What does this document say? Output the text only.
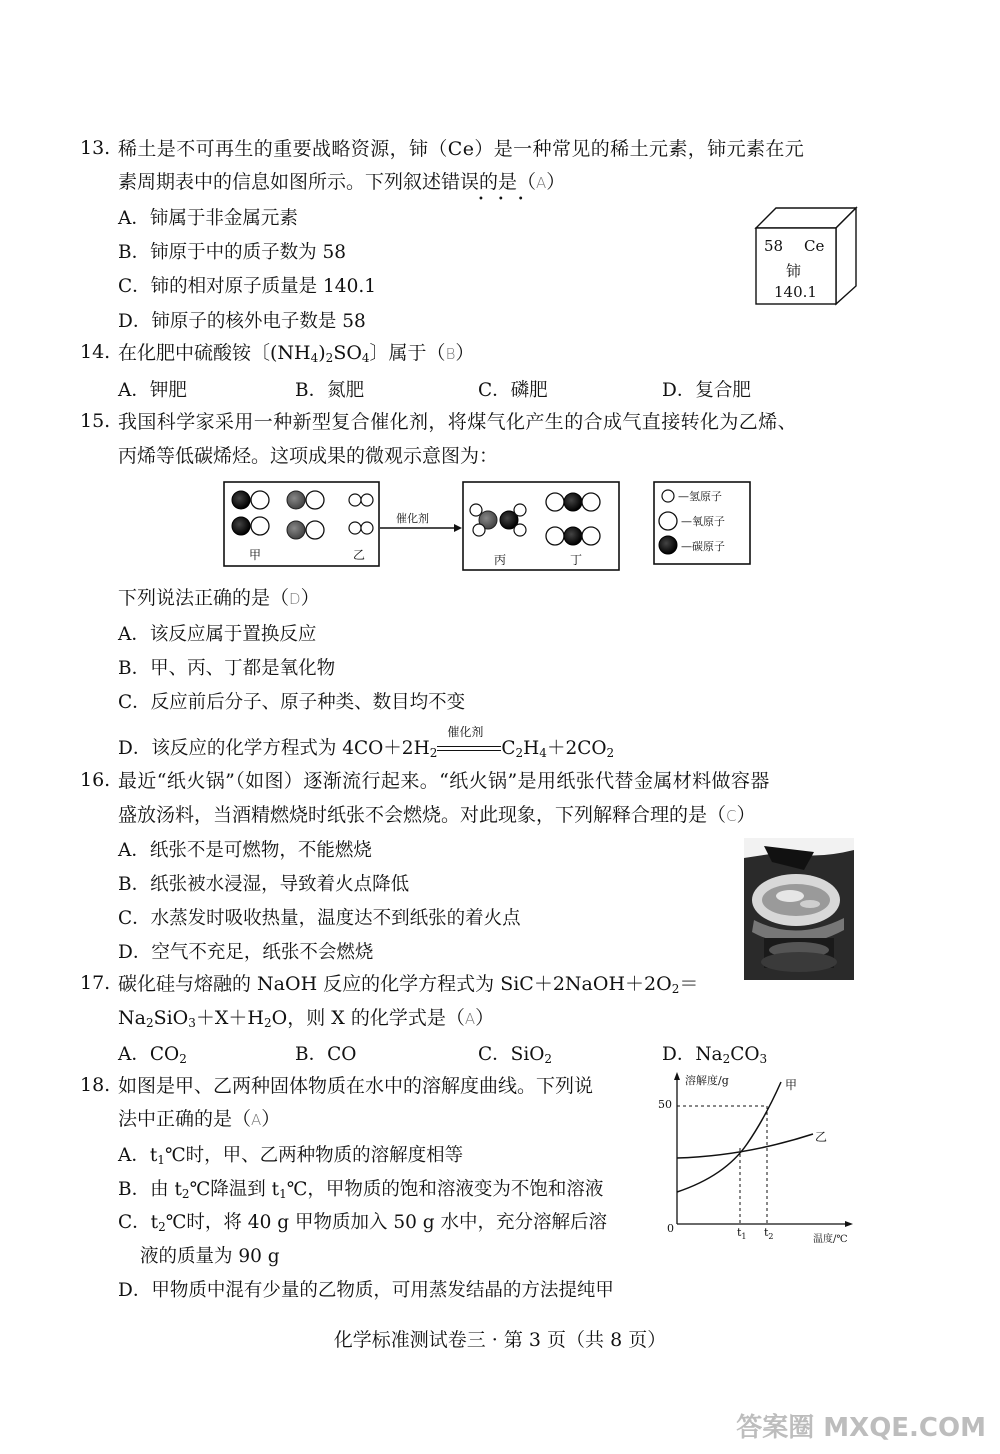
13. 稀土是不可再生的重要战略资源，铈（Ce）是一种常见的稀土元素，铈元素在元
素周期表中的信息如图所示。下列叙述错误的是（A）
•••
A．铈属于非金属元素
B．铈原于中的质子数为 58
C．铈的相对原子质量是 140.1
D．铈原子的核外电子数是 58
58 Ce
铈
140.1
14. 在化肥中硫酸铵〔$(NH_4)_2SO_4$〕属于（B）
A．钾肥	B．氮肥	C．磷肥	D．复合肥
15. 我国科学家采用一种新型复合催化剂，将煤气化产生的合成气直接转化为乙烯、
丙烯等低碳烯烃。这项成果的微观示意图为：
催化剂
甲	乙	丙	丁
—氢原子
—氧原子
—碳原子
下列说法正确的是（D）
A．该反应属于置换反应
B．甲、丙、丁都是氧化物
C．反应前后分子、原子种类、数目均不变
D．该反应的化学方程式为 $4CO+2H_2$
催化剂
$C_2H_4+2CO_2$
16. 最近“纸火锅”（如图）逐渐流行起来。“纸火锅”是用纸张代替金属材料做容器
盛放汤料，当酒精燃烧时纸张不会燃烧。对此现象，下列解释合理的是（C）
A．纸张不是可燃物，不能燃烧
B．纸张被水浸湿，导致着火点降低
C．水蒸发时吸收热量，温度达不到纸张的着火点
D．空气不充足，纸张不会燃烧
17. 碳化硅与熔融的 NaOH 反应的化学方程式为 $SiC+2NaOH+2O_2=$
$Na_2SiO_3+X+H_2O$，则 X 的化学式是（A）
A．$CO_2$	B．CO	C．SiO$_2$	D．$Na_2CO_3$
18. 如图是甲、乙两种固体物质在水中的溶解度曲线。下列说
法中正确的是（A）
A．$t_1℃$时，甲、乙两种物质的溶解度相等
B．由 $t_2℃$降温到 $t_1℃$，甲物质的饱和溶液变为不饱和溶液
C．$t_2℃$时，将 40 g 甲物质加入 50 g 水中，充分溶解后溶
液的质量为 90 g
D．甲物质中混有少量的乙物质，可用蒸发结晶的方法提纯甲
溶解度/g
50
0
甲
乙
$t_1$ $t_2$	温度/℃
化学标准测试卷三 · 第 3 页（共 8 页）
答案圈 MXQE.COM
